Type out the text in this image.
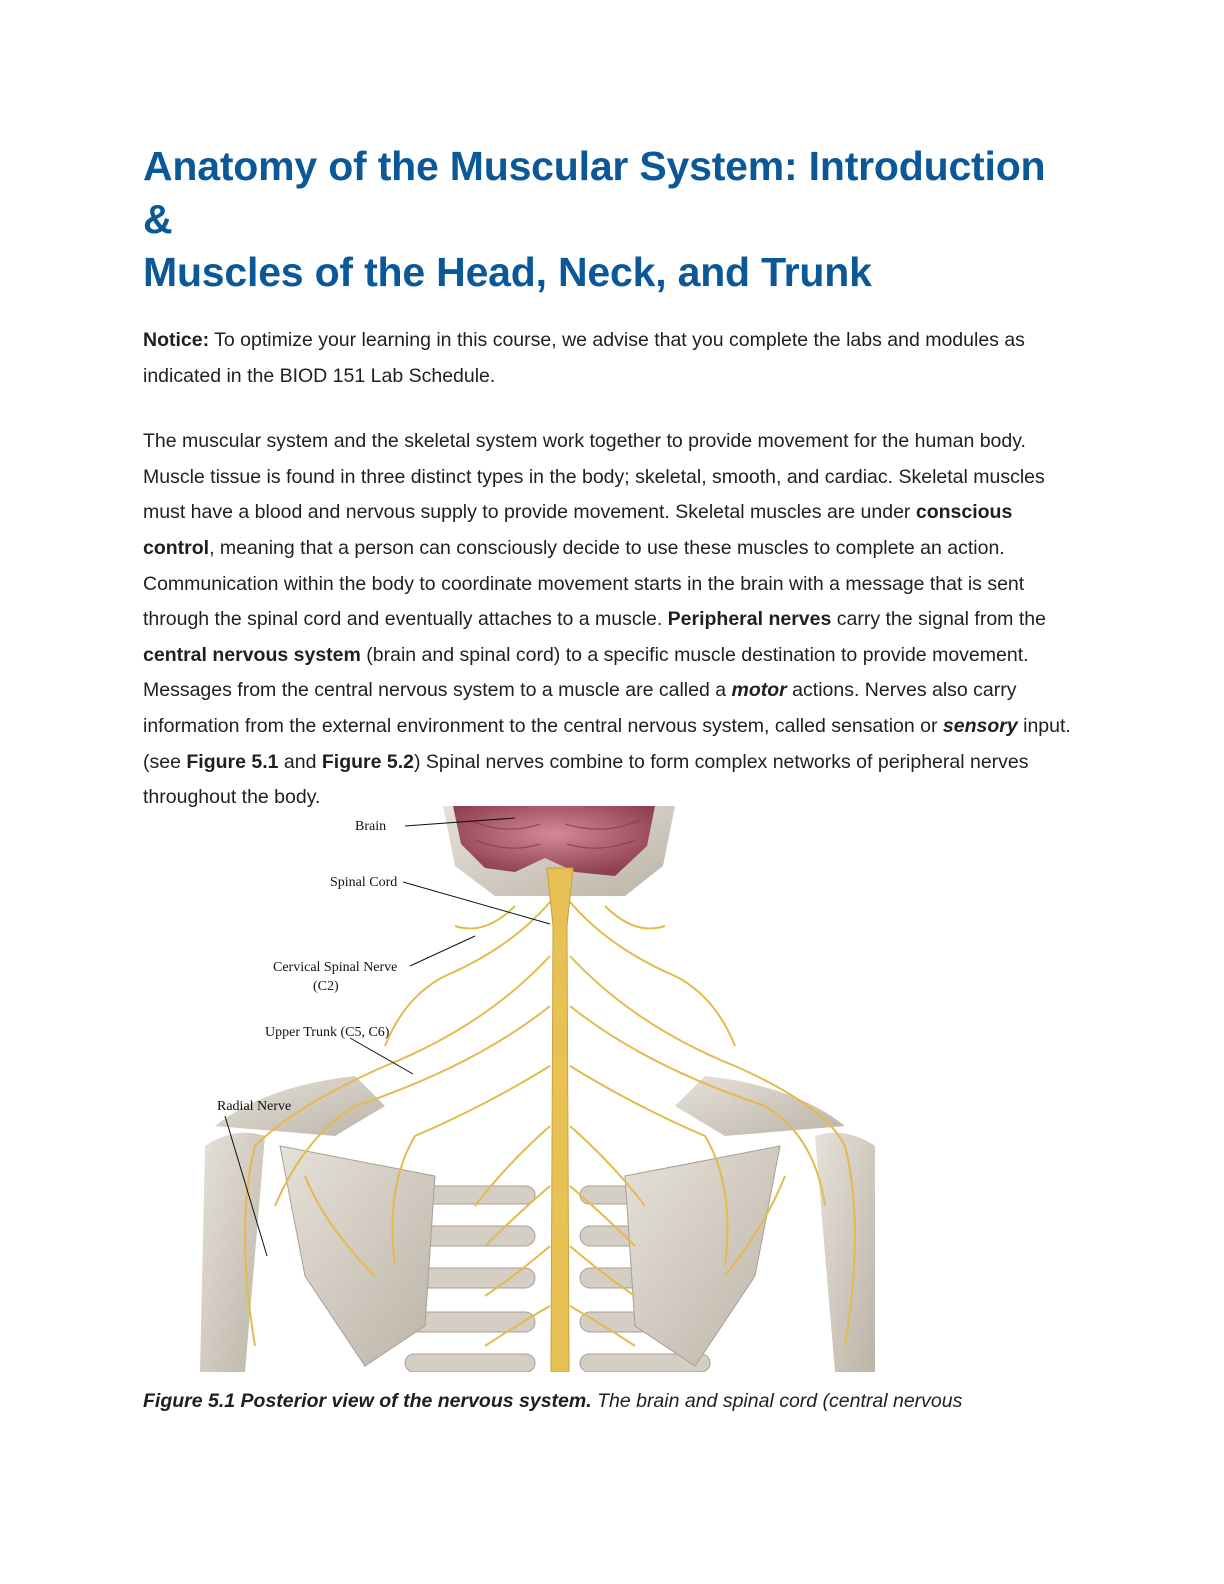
Anatomy of the Muscular System: Introduction &
Muscles of the Head, Neck, and Trunk

Notice: To optimize your learning in this course, we advise that you complete the labs and modules as indicated in the BIOD 151 Lab Schedule.

The muscular system and the skeletal system work together to provide movement for the human body. Muscle tissue is found in three distinct types in the body; skeletal, smooth, and cardiac. Skeletal muscles must have a blood and nervous supply to provide movement. Skeletal muscles are under conscious control, meaning that a person can consciously decide to use these muscles to complete an action. Communication within the body to coordinate movement starts in the brain with a message that is sent through the spinal cord and eventually attaches to a muscle. Peripheral nerves carry the signal from the central nervous system (brain and spinal cord) to a specific muscle destination to provide movement. Messages from the central nervous system to a muscle are called a motor actions. Nerves also carry information from the external environment to the central nervous system, called sensation or sensory input. (see Figure 5.1 and Figure 5.2) Spinal nerves combine to form complex networks of peripheral nerves throughout the body.

Brain
Spinal Cord
Cervical Spinal Nerve
(C2)
Upper Trunk (C5, C6)
Radial Nerve
Figure 5.1 Posterior view of the nervous system. The brain and spinal cord (central nervous
